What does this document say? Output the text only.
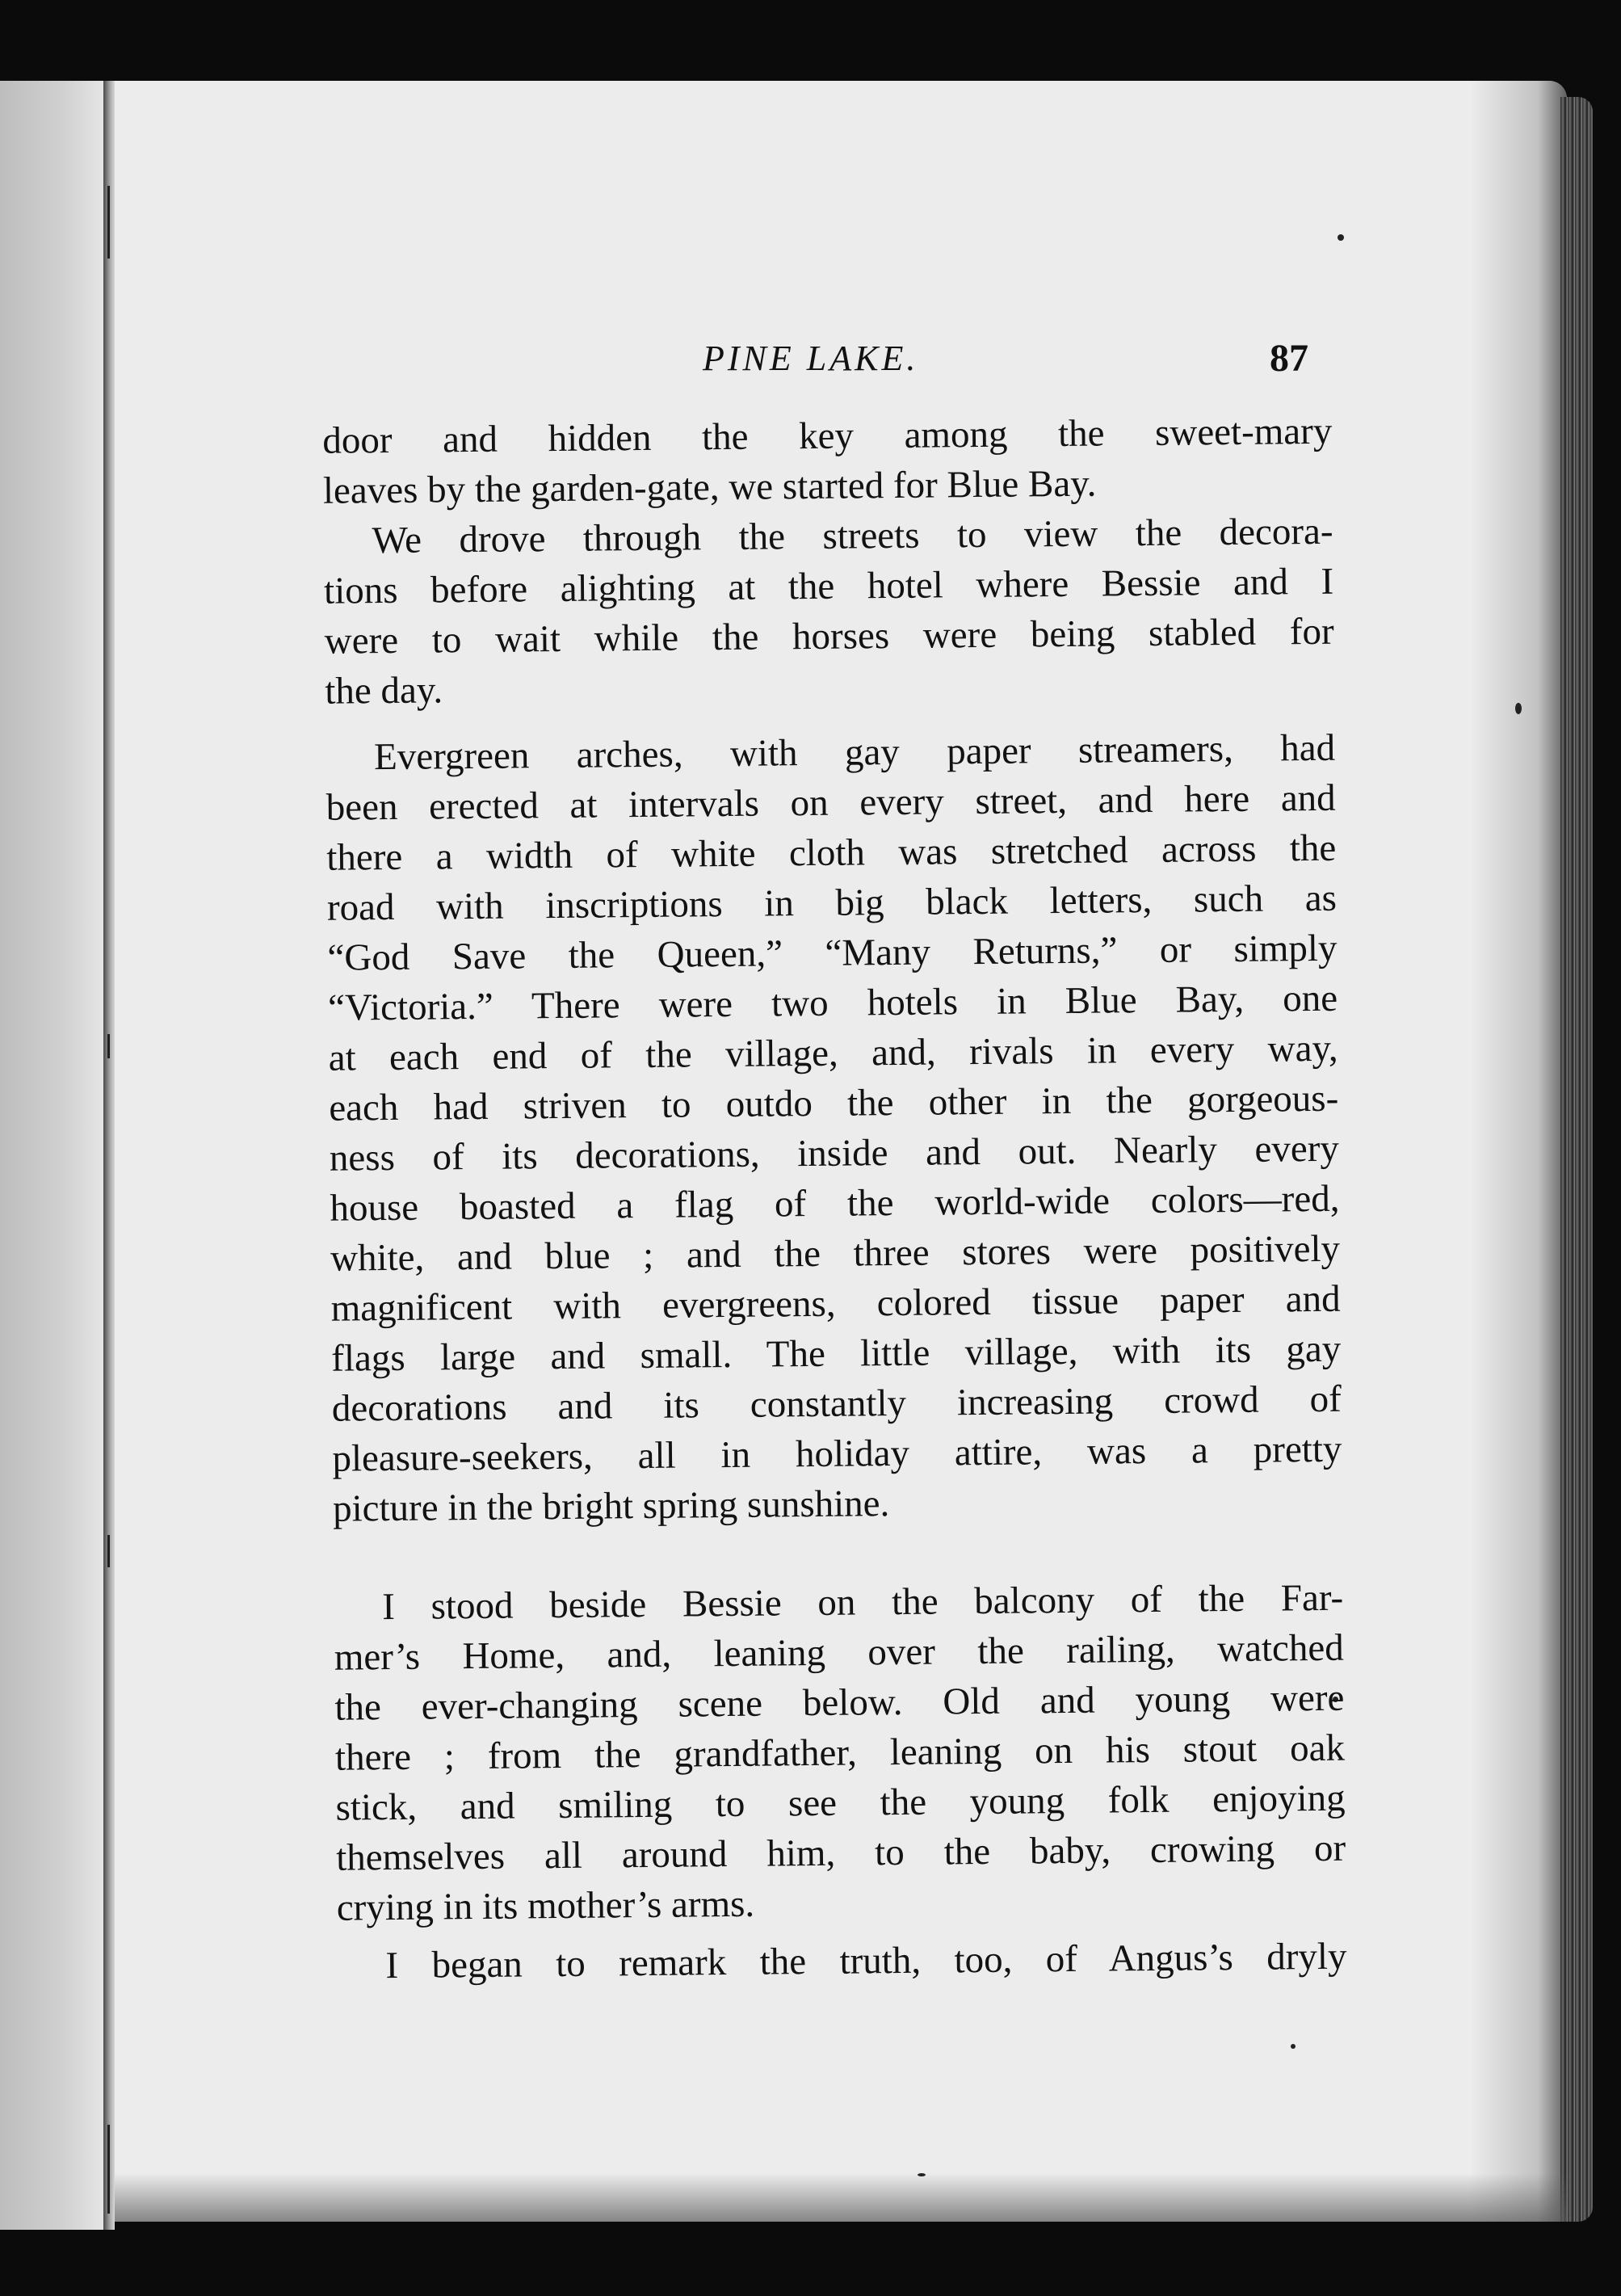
PINE LAKE.	87
door and hidden the key among the sweet-mary
leaves by the garden-gate, we started for Blue Bay.
We drove through the streets to view the decora-
tions before alighting at the hotel where Bessie and I
were to wait while the horses were being stabled for
the day.
Evergreen arches, with gay paper streamers, had
been erected at intervals on every street, and here and
there a width of white cloth was stretched across the
road with inscriptions in big black letters, such as
“God Save the Queen,” “Many Returns,” or simply
“Victoria.” There were two hotels in Blue Bay, one
at each end of the village, and, rivals in every way,
each had striven to outdo the other in the gorgeous-
ness of its decorations, inside and out. Nearly every
house boasted a flag of the world-wide colors—red,
white, and blue ; and the three stores were positively
magnificent with evergreens, colored tissue paper and
flags large and small. The little village, with its gay
decorations and its constantly increasing crowd of
pleasure-seekers, all in holiday attire, was a pretty
picture in the bright spring sunshine.
I stood beside Bessie on the balcony of the Far-
mer’s Home, and, leaning over the railing, watched
the ever-changing scene below. Old and young were
there ; from the grandfather, leaning on his stout oak
stick, and smiling to see the young folk enjoying
themselves all around him, to the baby, crowing or
crying in its mother’s arms.
I began to remark the truth, too, of Angus’s dryly
